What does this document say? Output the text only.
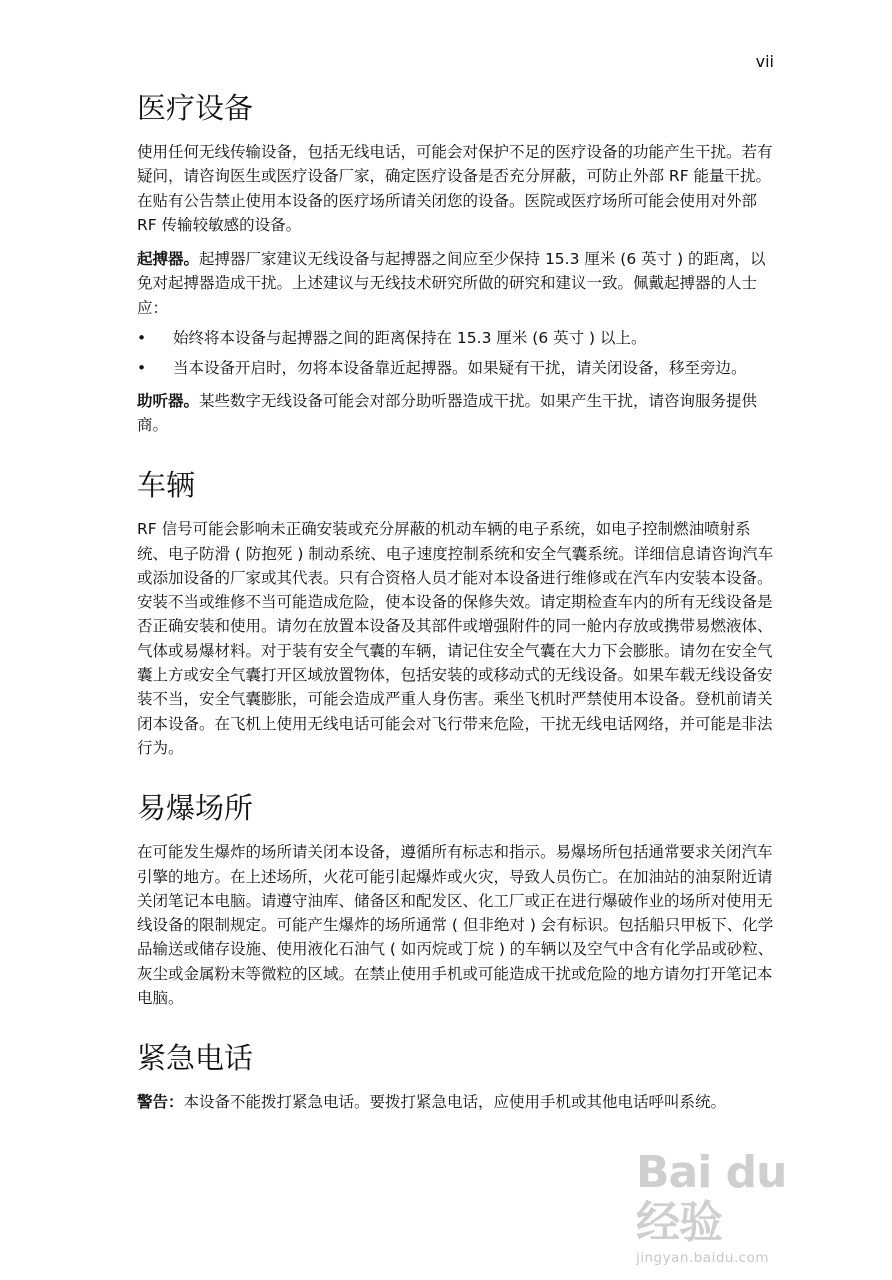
vii
医疗设备

使用任何无线传输设备，包括无线电话，可能会对保护不足的医疗设备的功能产生干扰。若有疑问，请咨询医生或医疗设备厂家，确定医疗设备是否充分屏蔽，可防止外部 RF 能量干扰。在贴有公告禁止使用本设备的医疗场所请关闭您的设备。医院或医疗场所可能会使用对外部 RF 传输较敏感的设备。

起搏器。起搏器厂家建议无线设备与起搏器之间应至少保持 15.3 厘米 (6 英寸 ) 的距离，以免对起搏器造成干扰。上述建议与无线技术研究所做的研究和建议一致。佩戴起搏器的人士应：

• 始终将本设备与起搏器之间的距离保持在 15.3 厘米 (6 英寸 ) 以上。
• 当本设备开启时，勿将本设备靠近起搏器。如果疑有干扰，请关闭设备，移至旁边。

助听器。某些数字无线设备可能会对部分助听器造成干扰。如果产生干扰，请咨询服务提供商。

车辆

RF 信号可能会影响未正确安装或充分屏蔽的机动车辆的电子系统，如电子控制燃油喷射系统、电子防滑 ( 防抱死 ) 制动系统、电子速度控制系统和安全气囊系统。详细信息请咨询汽车或添加设备的厂家或其代表。只有合资格人员才能对本设备进行维修或在汽车内安装本设备。安装不当或维修不当可能造成危险，使本设备的保修失效。请定期检查车内的所有无线设备是否正确安装和使用。请勿在放置本设备及其部件或增强附件的同一舱内存放或携带易燃液体、气体或易爆材料。对于装有安全气囊的车辆，请记住安全气囊在大力下会膨胀。请勿在安全气囊上方或安全气囊打开区域放置物体，包括安装的或移动式的无线设备。如果车载无线设备安装不当，安全气囊膨胀，可能会造成严重人身伤害。乘坐飞机时严禁使用本设备。登机前请关闭本设备。在飞机上使用无线电话可能会对飞行带来危险，干扰无线电话网络，并可能是非法行为。

易爆场所

在可能发生爆炸的场所请关闭本设备，遵循所有标志和指示。易爆场所包括通常要求关闭汽车引擎的地方。在上述场所，火花可能引起爆炸或火灾，导致人员伤亡。在加油站的油泵附近请关闭笔记本电脑。请遵守油库、储备区和配发区、化工厂或正在进行爆破作业的场所对使用无线设备的限制规定。可能产生爆炸的场所通常 ( 但非绝对 ) 会有标识。包括船只甲板下、化学品输送或储存设施、使用液化石油气 ( 如丙烷或丁烷 ) 的车辆以及空气中含有化学品或砂粒、灰尘或金属粉末等微粒的区域。在禁止使用手机或可能造成干扰或危险的地方请勿打开笔记本电脑。

紧急电话

警告：本设备不能拨打紧急电话。要拨打紧急电话，应使用手机或其他电话呼叫系统。

Bai du 经验
jingyan.baidu.com
